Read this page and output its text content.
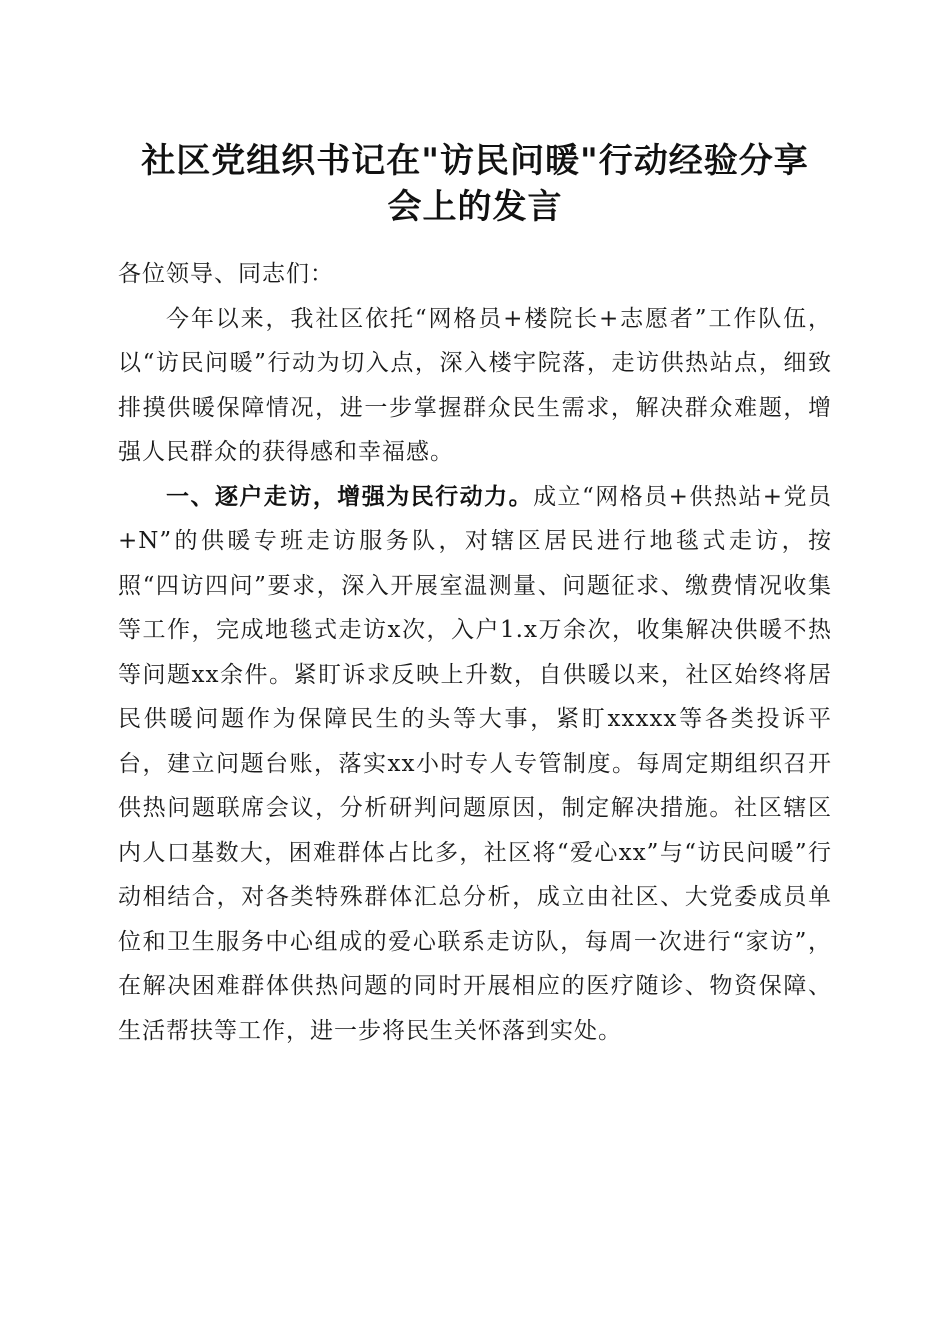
社区党组织书记在"访民问暖"行动经验分享
会上的发言

各位领导、同志们：

今年以来，我社区依托“网格员+楼院长+志愿者”工作队伍，以“访民问暖”行动为切入点，深入楼宇院落，走访供热站点，细致排摸供暖保障情况，进一步掌握群众民生需求，解决群众难题，增强人民群众的获得感和幸福感。

一、逐户走访，增强为民行动力。成立“网格员+供热站+党员+N”的供暖专班走访服务队，对辖区居民进行地毯式走访，按照“四访四问”要求，深入开展室温测量、问题征求、缴费情况收集等工作，完成地毯式走访x次，入户1.x万余次，收集解决供暖不热等问题xx余件。紧盯诉求反映上升数，自供暖以来，社区始终将居民供暖问题作为保障民生的头等大事，紧盯xxxxx等各类投诉平台，建立问题台账，落实xx小时专人专管制度。每周定期组织召开供热问题联席会议，分析研判问题原因，制定解决措施。社区辖区内人口基数大，困难群体占比多，社区将“爱心xx”与“访民问暖”行动相结合，对各类特殊群体汇总分析，成立由社区、大党委成员单位和卫生服务中心组成的爱心联系走访队，每周一次进行“家访”，在解决困难群体供热问题的同时开展相应的医疗随诊、物资保障、生活帮扶等工作，进一步将民生关怀落到实处。
